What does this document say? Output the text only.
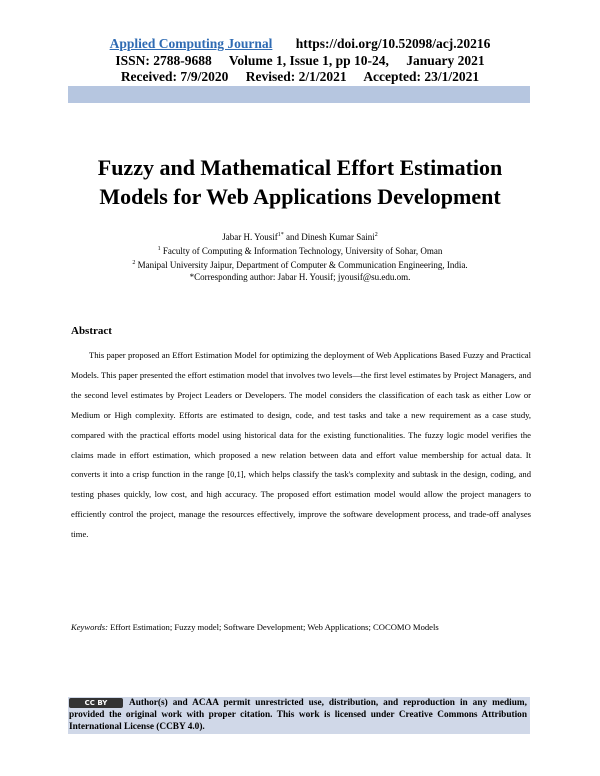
Applied Computing Journal https://doi.org/10.52098/acj.20216
ISSN: 2788-9688 Volume 1, Issue 1, pp 10-24, January 2021
Received: 7/9/2020 Revised: 2/1/2021 Accepted: 23/1/2021
Fuzzy and Mathematical Effort Estimation
Models for Web Applications Development

Jabar H. Yousif$^{1*}$ and Dinesh Kumar Saini$^2$

$^1$ Faculty of Computing & Information Technology, University of Sohar, Oman

$^2$ Manipal University Jaipur, Department of Computer & Communication Engineering, India.

*Corresponding author: Jabar H. Yousif; jyousif@su.edu.om.

Abstract

This paper proposed an Effort Estimation Model for optimizing the deployment of Web Applications Based Fuzzy and Practical Models. This paper presented the effort estimation model that involves two levels—the first level estimates by Project Managers, and the second level estimates by Project Leaders or Developers. The model considers the classification of each task as either Low or Medium or High complexity. Efforts are estimated to design, code, and test tasks and take a new requirement as a case study, compared with the practical efforts model using historical data for the existing functionalities. The fuzzy logic model verifies the claims made in effort estimation, which proposed a new relation between data and effort value membership for actual data. It converts it into a crisp function in the range [0,1], which helps classify the task's complexity and subtask in the design, coding, and testing phases quickly, low cost, and high accuracy. The proposed effort estimation model would allow the project managers to efficiently control the project, manage the resources effectively, improve the software development process, and trade-off analyses time.

Keywords: Effort Estimation; Fuzzy model; Software Development; Web Applications; COCOMO Models

CC BY Author(s) and ACAA permit unrestricted use, distribution, and reproduction in any medium, provided the original work with proper citation. This work is licensed under Creative Commons Attribution International License (CCBY 4.0).
